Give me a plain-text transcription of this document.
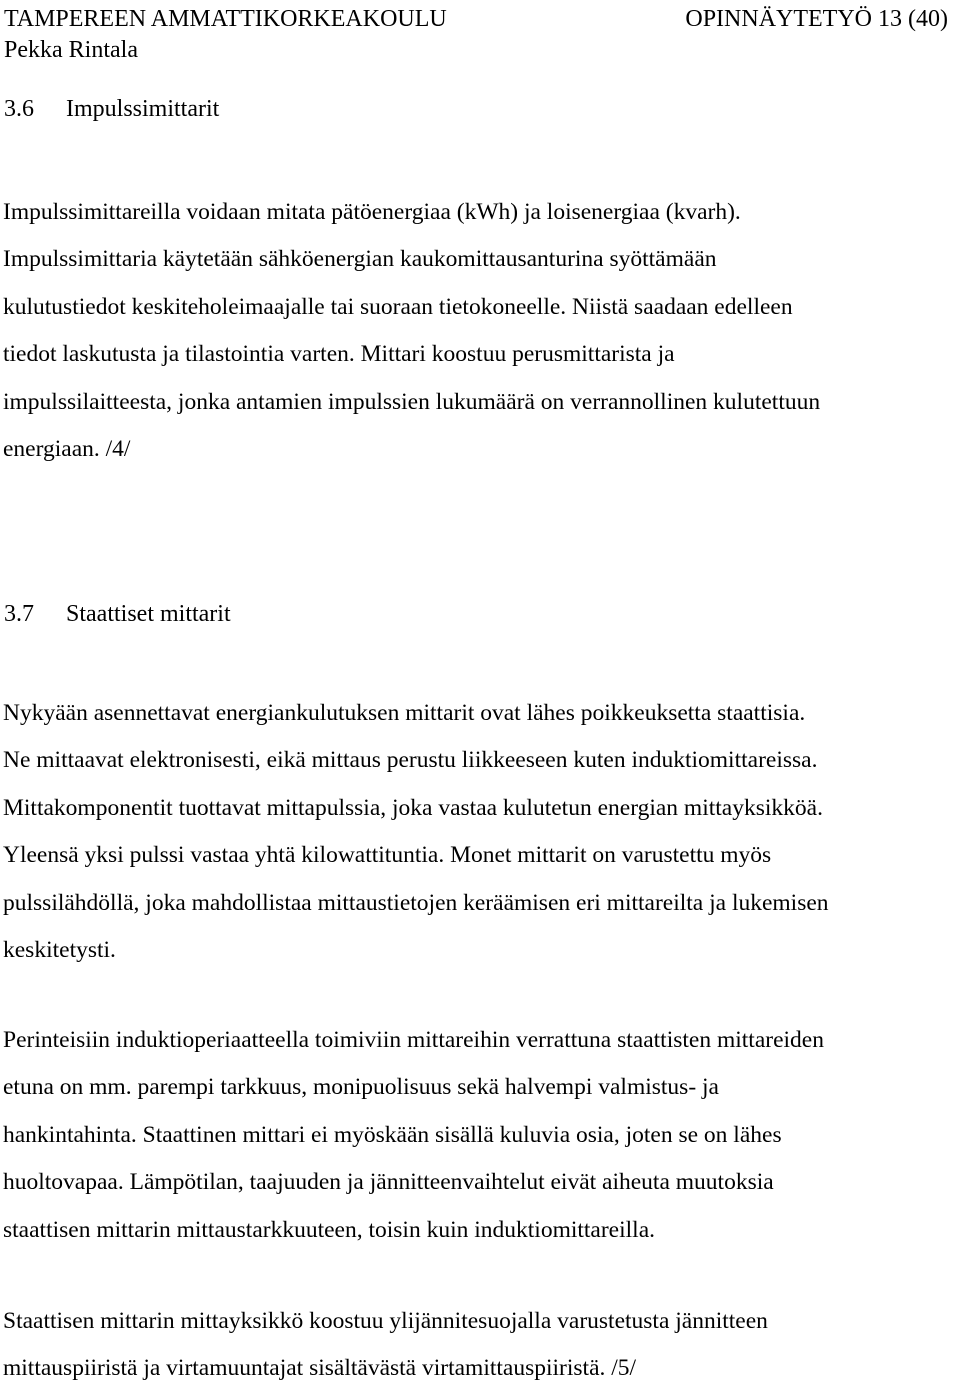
TAMPEREEN AMMATTIKORKEAKOULU	OPINNÄYTETYÖ 13 (40)
Pekka Rintala
3.6 Impulssimittarit
Impulssimittareilla voidaan mitata pätöenergiaa (kWh) ja loisenergiaa (kvarh).
Impulssimittaria käytetään sähköenergian kaukomittausanturina syöttämään
kulutustiedot keskiteholeimaajalle tai suoraan tietokoneelle. Niistä saadaan edelleen
tiedot laskutusta ja tilastointia varten. Mittari koostuu perusmittarista ja
impulssilaitteesta, jonka antamien impulssien lukumäärä on verrannollinen kulutettuun
energiaan. /4/
3.7 Staattiset mittarit
Nykyään asennettavat energiankulutuksen mittarit ovat lähes poikkeuksetta staattisia.
Ne mittaavat elektronisesti, eikä mittaus perustu liikkeeseen kuten induktiomittareissa.
Mittakomponentit tuottavat mittapulssia, joka vastaa kulutetun energian mittayksikköä.
Yleensä yksi pulssi vastaa yhtä kilowattituntia. Monet mittarit on varustettu myös
pulssilähdöllä, joka mahdollistaa mittaustietojen keräämisen eri mittareilta ja lukemisen
keskitetysti.
Perinteisiin induktioperiaatteella toimiviin mittareihin verrattuna staattisten mittareiden
etuna on mm. parempi tarkkuus, monipuolisuus sekä halvempi valmistus- ja
hankintahinta. Staattinen mittari ei myöskään sisällä kuluvia osia, joten se on lähes
huoltovapaa. Lämpötilan, taajuuden ja jännitteenvaihtelut eivät aiheuta muutoksia
staattisen mittarin mittaustarkkuuteen, toisin kuin induktiomittareilla.
Staattisen mittarin mittayksikkö koostuu ylijännitesuojalla varustetusta jännitteen
mittauspiiristä ja virtamuuntajat sisältävästä virtamittauspiiristä. /5/
